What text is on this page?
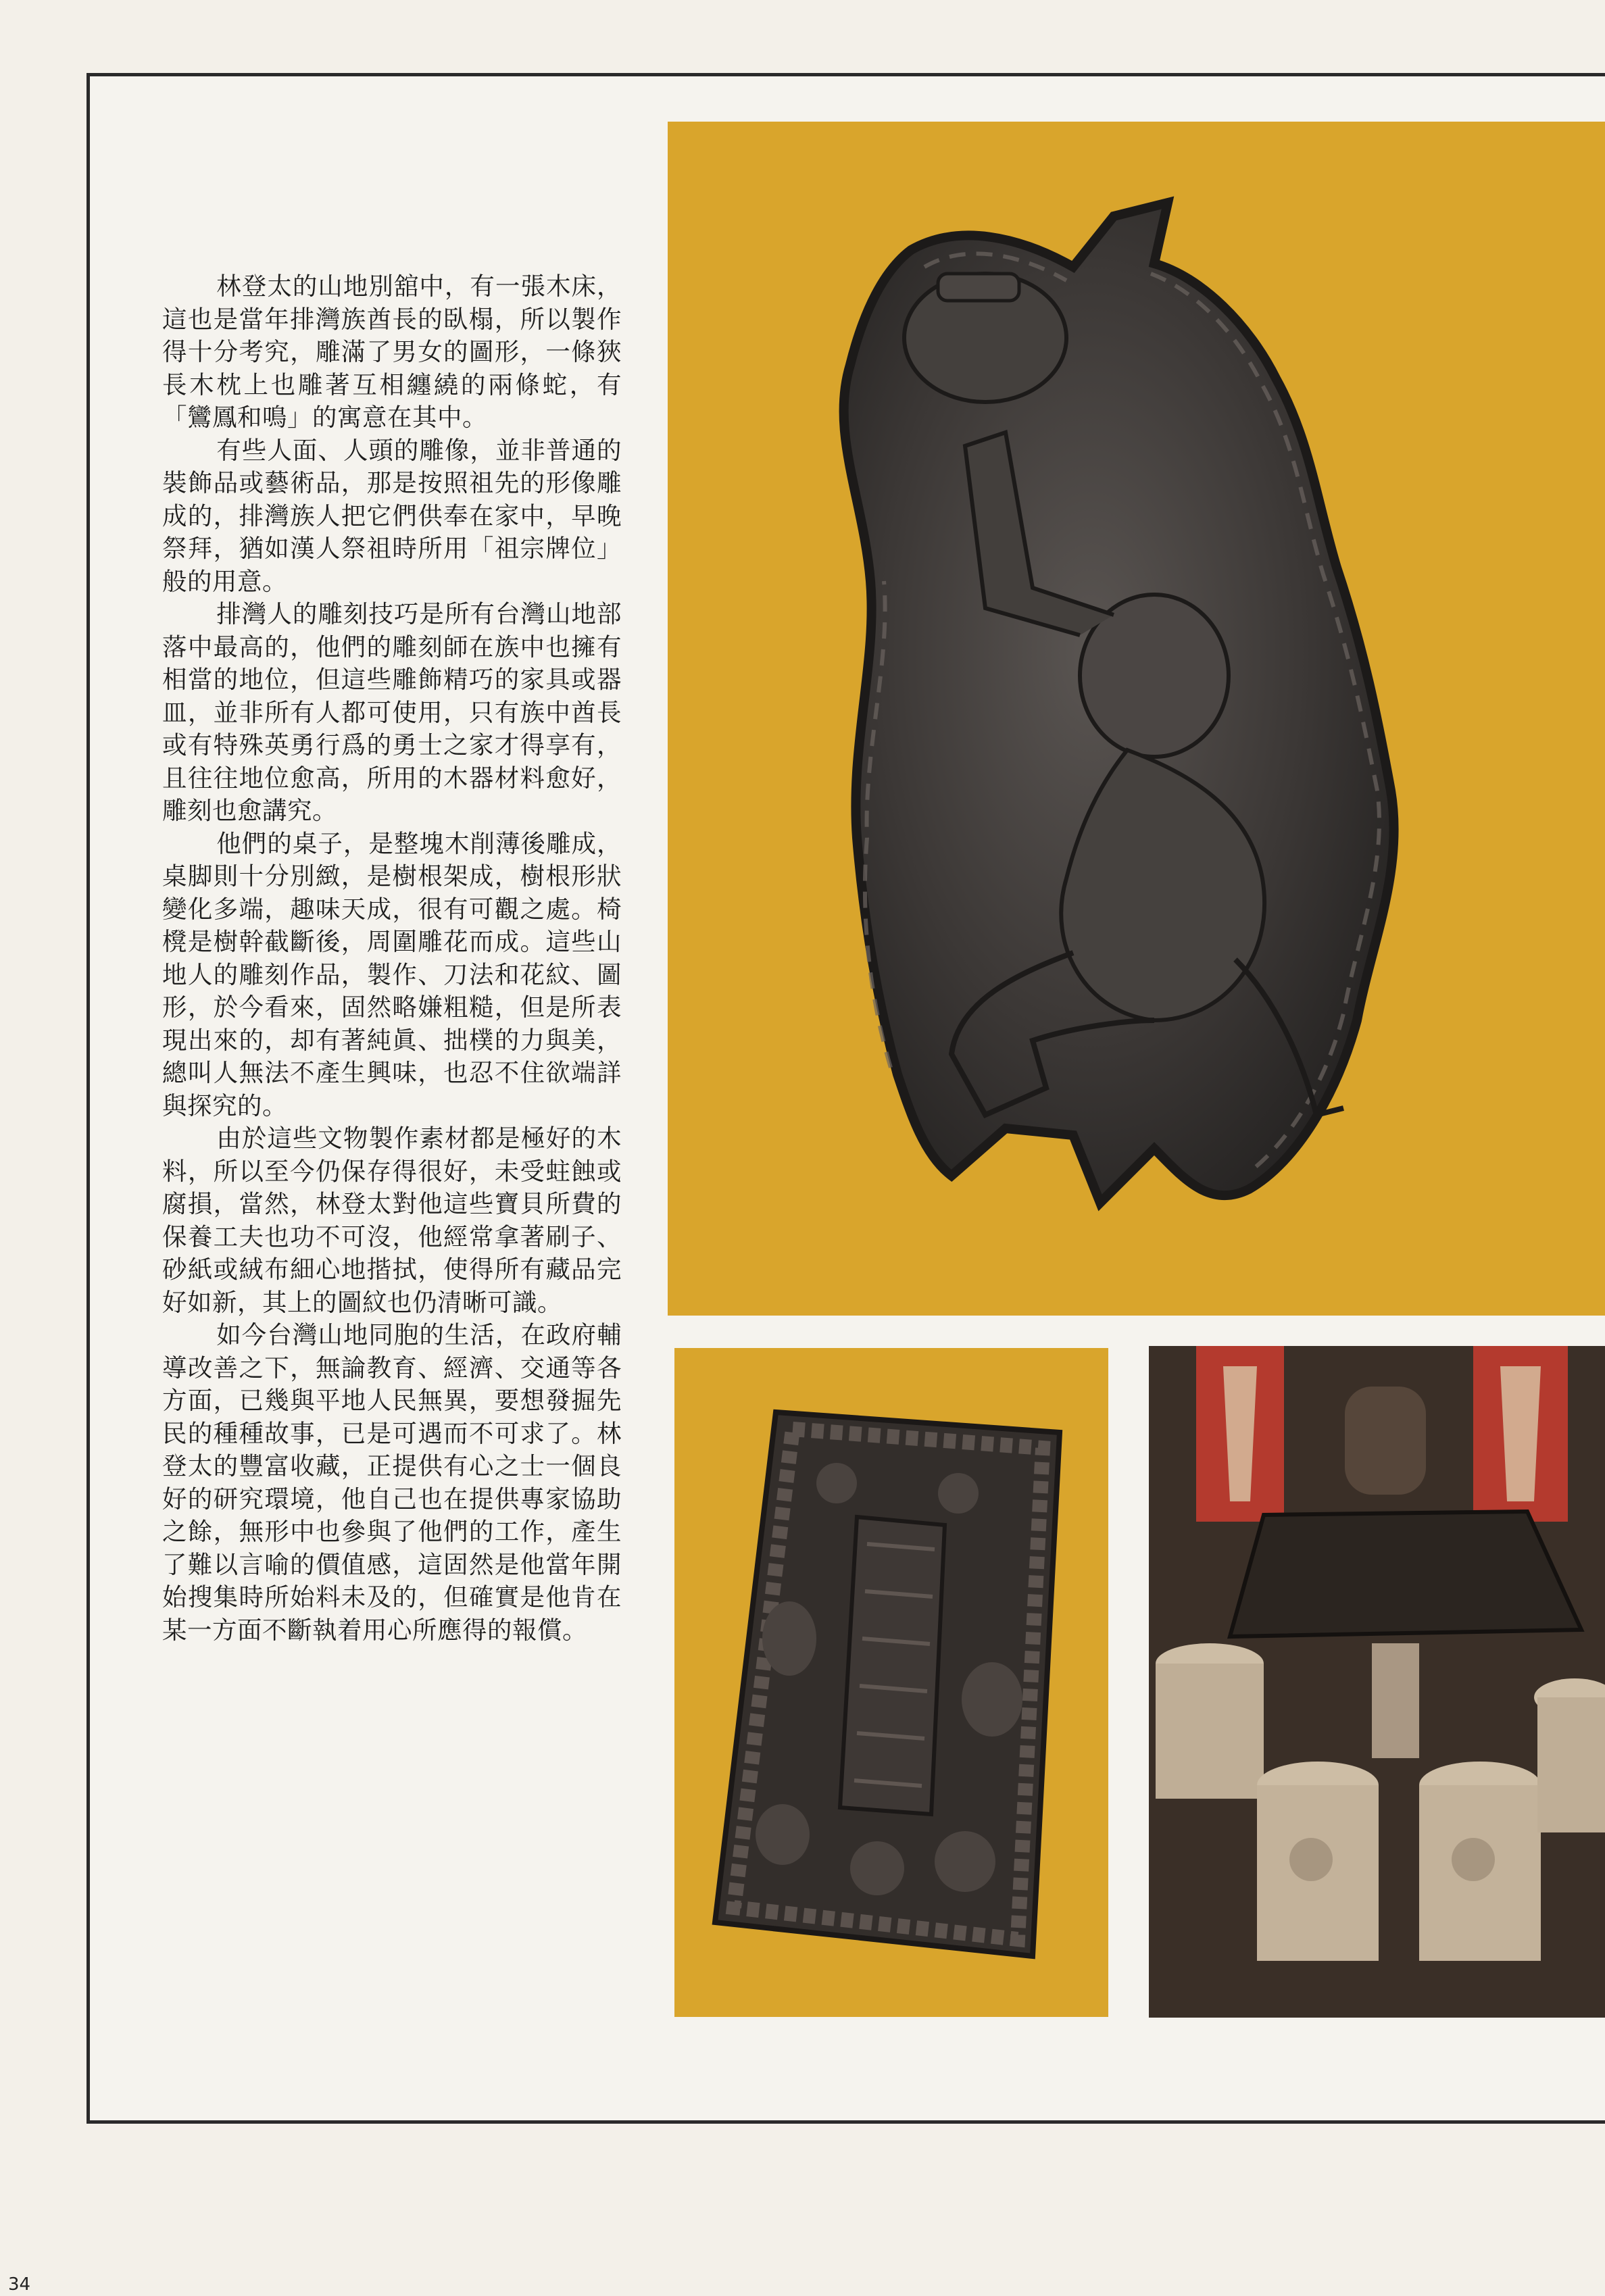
林登太的山地別舘中，有一張木床，這也是當年排灣族酋長的臥榻，所以製作得十分考究，雕滿了男女的圖形，一條狹長木枕上也雕著互相纏繞的兩條蛇，有「鸞鳳和鳴」的寓意在其中。

有些人面、人頭的雕像，並非普通的裝飾品或藝術品，那是按照祖先的形像雕成的，排灣族人把它們供奉在家中，早晚祭拜，猶如漢人祭祖時所用「祖宗牌位」般的用意。

排灣人的雕刻技巧是所有台灣山地部落中最高的，他們的雕刻師在族中也擁有相當的地位，但這些雕飾精巧的家具或器皿，並非所有人都可使用，只有族中酋長或有特殊英勇行爲的勇士之家才得享有，且往往地位愈高，所用的木器材料愈好，雕刻也愈講究。

他們的桌子，是整塊木削薄後雕成，桌脚則十分別緻，是樹根架成，樹根形狀變化多端，趣味天成，很有可觀之處。椅櫈是樹幹截斷後，周圍雕花而成。這些山地人的雕刻作品，製作、刀法和花紋、圖形，於今看來，固然略嫌粗糙，但是所表現出來的，却有著純眞、拙樸的力與美，總叫人無法不產生興味，也忍不住欲端詳與探究的。

由於這些文物製作素材都是極好的木料，所以至今仍保存得很好，未受蛀蝕或腐損，當然，林登太對他這些寶貝所費的保養工夫也功不可沒，他經常拿著刷子、砂紙或絨布細心地揩拭，使得所有藏品完好如新，其上的圖紋也仍清晰可識。

如今台灣山地同胞的生活，在政府輔導改善之下，無論教育、經濟、交通等各方面，已幾與平地人民無異，要想發掘先民的種種故事，已是可遇而不可求了。林登太的豐富收藏，正提供有心之士一個良好的研究環境，他自己也在提供專家協助之餘，無形中也參與了他們的工作，產生了難以言喻的價值感，這固然是他當年開始搜集時所始料未及的，但確實是他肯在某一方面不斷執着用心所應得的報償。

34
